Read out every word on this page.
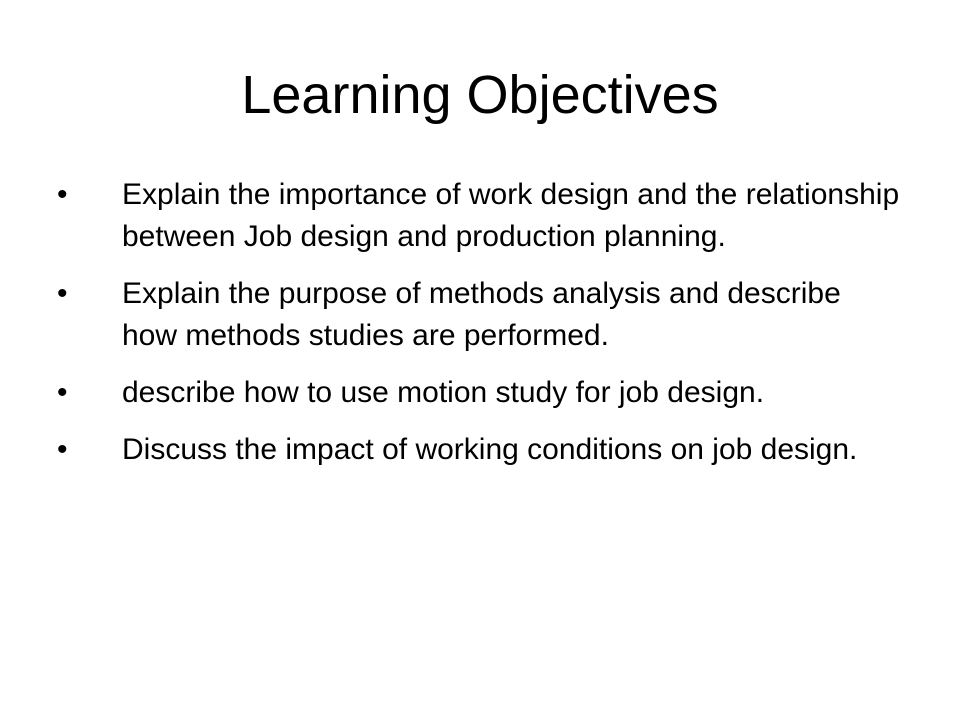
Learning Objectives
•	Explain the importance of work design and the relationship between Job design and production planning.
•	Explain the purpose of methods analysis and describe how methods studies are performed.
•	describe how to use motion study for job design.
•	Discuss the impact of working conditions on job design.
